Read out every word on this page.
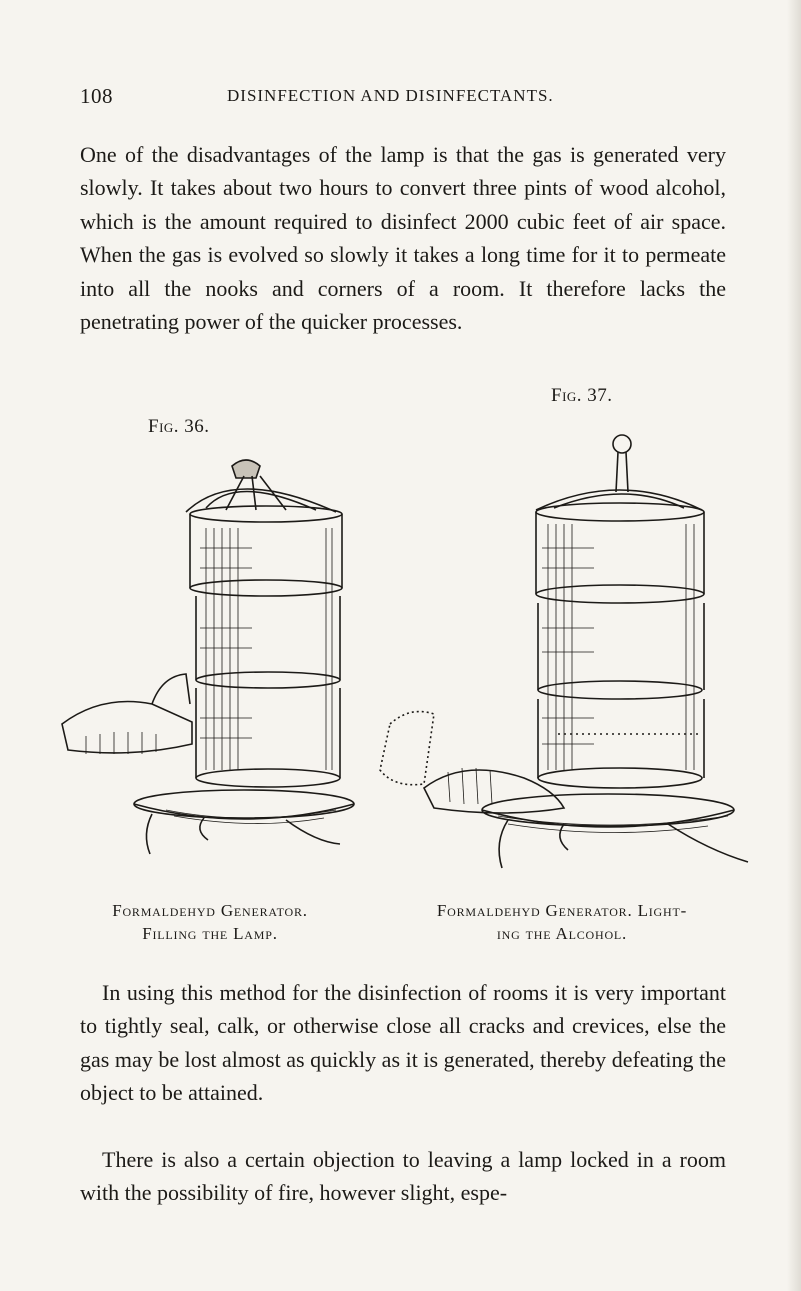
108	DISINFECTION AND DISINFECTANTS.

One of the disadvantages of the lamp is that the gas is generated very slowly. It takes about two hours to convert three pints of wood alcohol, which is the amount required to disinfect 2000 cubic feet of air space. When the gas is evolved so slowly it takes a long time for it to permeate into all the nooks and corners of a room. It therefore lacks the penetrating power of the quicker processes.

Fig. 36.
Formaldehyd Generator.
Filling the Lamp.
Fig. 37.
Formaldehyd Generator. Light-
ing the Alcohol.

In using this method for the disinfection of rooms it is very important to tightly seal, calk, or otherwise close all cracks and crevices, else the gas may be lost almost as quickly as it is generated, thereby defeating the object to be attained.

There is also a certain objection to leaving a lamp locked in a room with the possibility of fire, however slight, espe-
